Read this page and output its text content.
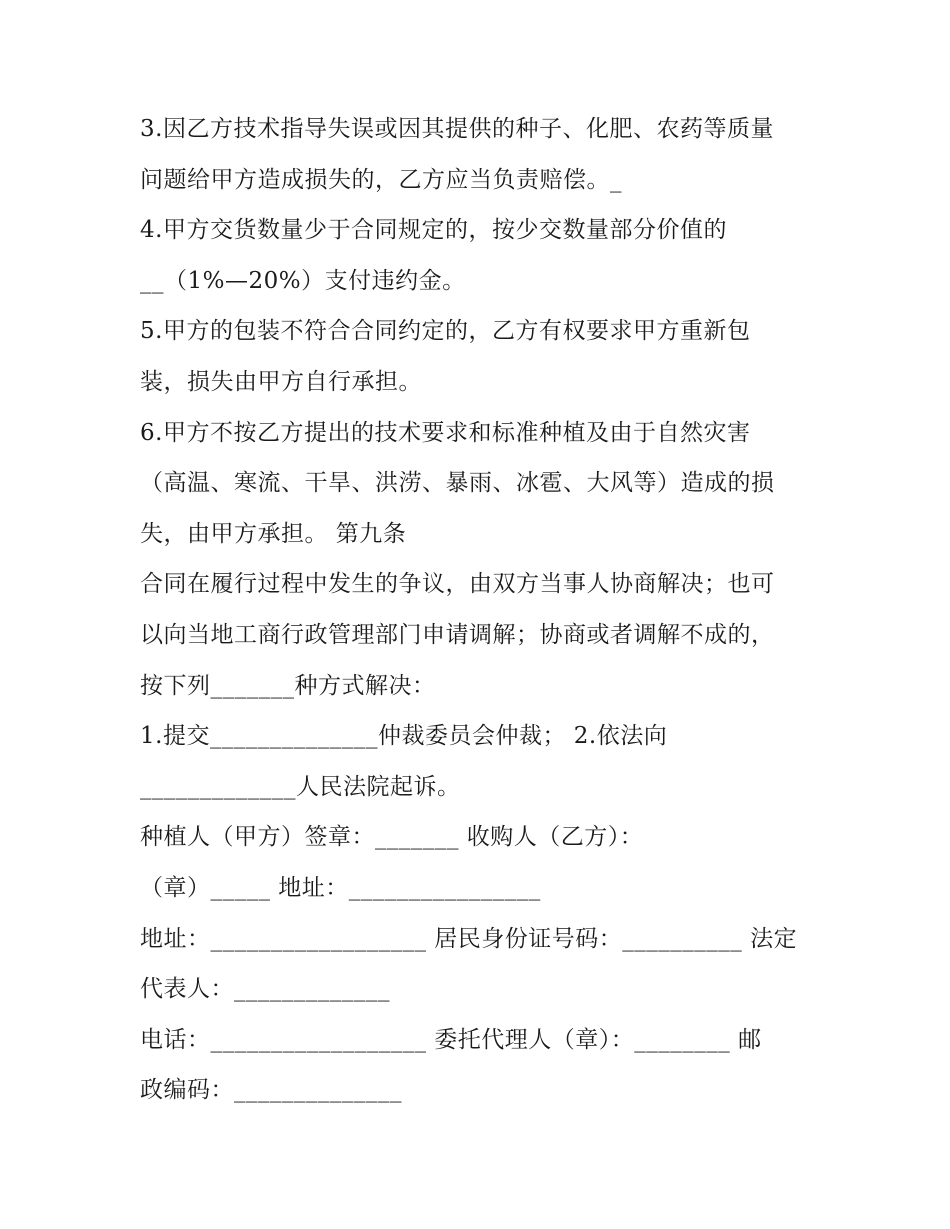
3.因乙方技术指导失误或因其提供的种子、化肥、农药等质量
问题给甲方造成损失的，乙方应当负责赔偿。_
4.甲方交货数量少于合同规定的，按少交数量部分价值的
__（1%—20%）支付违约金。
5.甲方的包装不符合合同约定的，乙方有权要求甲方重新包
装，损失由甲方自行承担。
6.甲方不按乙方提出的技术要求和标准种植及由于自然灾害
（高温、寒流、干旱、洪涝、暴雨、冰雹、大风等）造成的损
失，由甲方承担。 第九条
合同在履行过程中发生的争议，由双方当事人协商解决；也可
以向当地工商行政管理部门申请调解；协商或者调解不成的，
按下列_______种方式解决：
1.提交______________仲裁委员会仲裁； 2.依法向
_____________人民法院起诉。
种植人（甲方）签章：_______ 收购人（乙方）：
（章）_____ 地址：________________
地址：__________________ 居民身份证号码：__________ 法定
代表人：_____________
电话：__________________ 委托代理人（章）：________ 邮
政编码：______________
